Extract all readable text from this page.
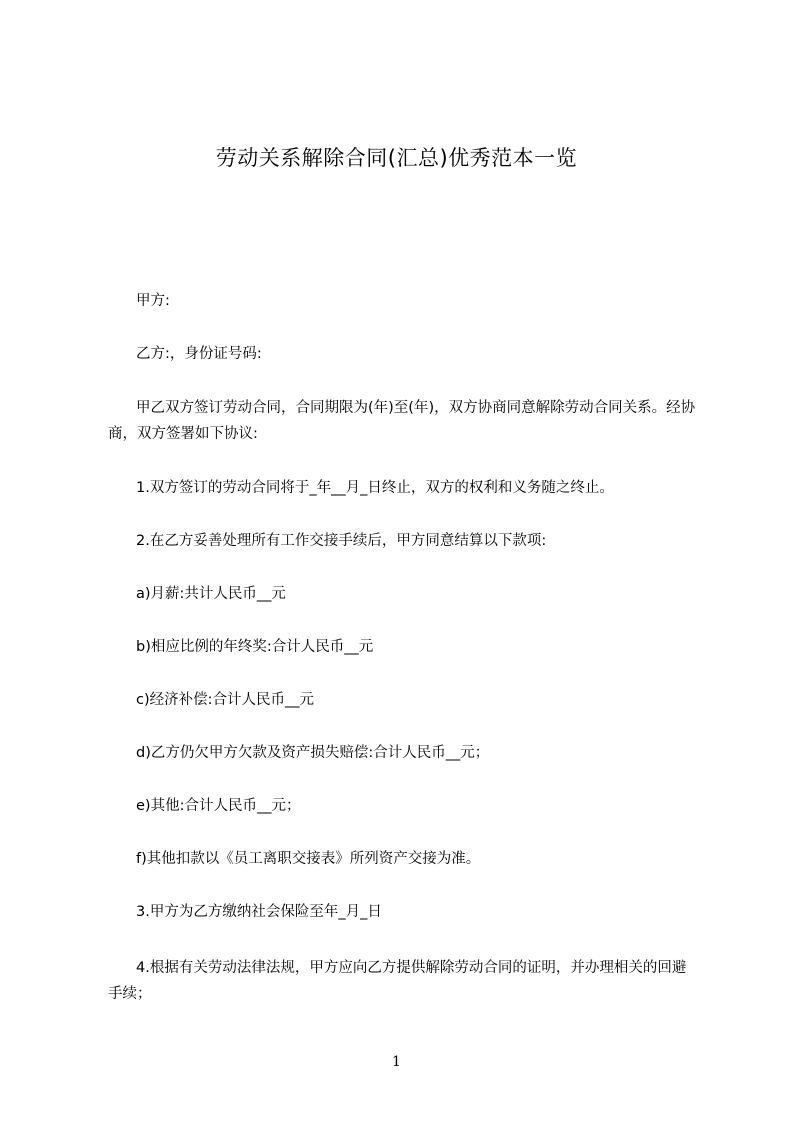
劳动关系解除合同(汇总)优秀范本一览

甲方:

乙方:，身份证号码:

甲乙双方签订劳动合同，合同期限为(年)至(年)，双方协商同意解除劳动合同关系。经协商，双方签署如下协议:

1.双方签订的劳动合同将于_年__月_日终止，双方的权利和义务随之终止。

2.在乙方妥善处理所有工作交接手续后，甲方同意结算以下款项:

a)月薪:共计人民币__元

b)相应比例的年终奖:合计人民币__元

c)经济补偿:合计人民币__元

d)乙方仍欠甲方欠款及资产损失赔偿:合计人民币__元；

e)其他:合计人民币__元；

f)其他扣款以《员工离职交接表》所列资产交接为准。

3.甲方为乙方缴纳社会保险至年_月_日

4.根据有关劳动法律法规，甲方应向乙方提供解除劳动合同的证明，并办理相关的回避手续；

1
